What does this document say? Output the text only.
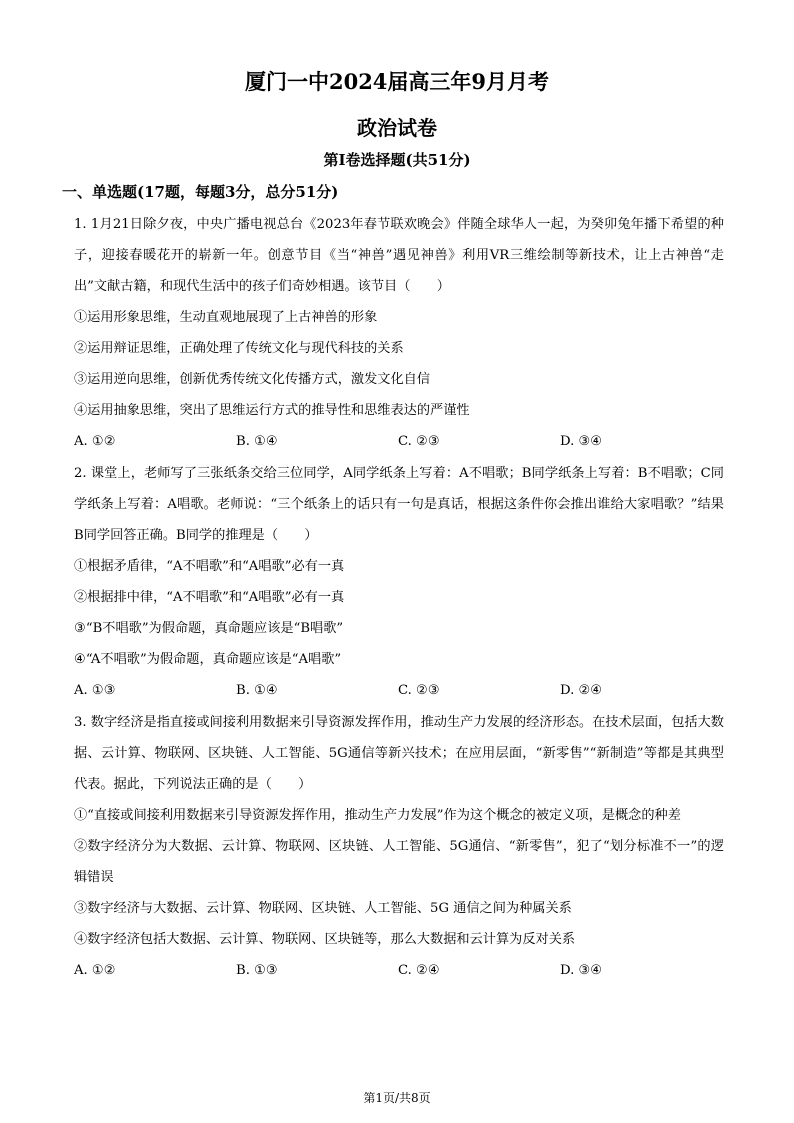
厦门一中2024届高三年9月月考
政治试卷
第I卷选择题(共51分)
一、单选题(17题，每题3分，总分51分)

1. 1月21日除夕夜，中央广播电视总台《2023年春节联欢晚会》伴随全球华人一起，为癸卯兔年播下希望的种子，迎接春暖花开的崭新一年。创意节目《当“神兽”遇见神兽》利用VR三维绘制等新技术，让上古神兽“走出”文献古籍，和现代生活中的孩子们奇妙相遇。该节目（　　）

①运用形象思维，生动直观地展现了上古神兽的形象

②运用辩证思维，正确处理了传统文化与现代科技的关系

③运用逆向思维，创新优秀传统文化传播方式，激发文化自信

④运用抽象思维，突出了思维运行方式的推导性和思维表达的严谨性

A. ①②	B. ①④	C. ②③	D. ③④

2. 课堂上，老师写了三张纸条交给三位同学，A同学纸条上写着：A不唱歌；B同学纸条上写着：B不唱歌；C同学纸条上写着：A唱歌。老师说：“三个纸条上的话只有一句是真话，根据这条件你会推出谁给大家唱歌？”结果B同学回答正确。B同学的推理是（　　）

①根据矛盾律，“A不唱歌”和“A唱歌”必有一真

②根据排中律，“A不唱歌”和“A唱歌”必有一真

③“B不唱歌”为假命题，真命题应该是“B唱歌”

④“A不唱歌”为假命题，真命题应该是“A唱歌”

A. ①③	B. ①④	C. ②③	D. ②④

3. 数字经济是指直接或间接利用数据来引导资源发挥作用，推动生产力发展的经济形态。在技术层面，包括大数据、云计算、物联网、区块链、人工智能、5G通信等新兴技术；在应用层面，“新零售”“新制造”等都是其典型代表。据此，下列说法正确的是（　　）

①“直接或间接利用数据来引导资源发挥作用，推动生产力发展”作为这个概念的被定义项，是概念的种差

②数字经济分为大数据、云计算、物联网、区块链、人工智能、5G通信、“新零售”，犯了“划分标准不一”的逻辑错误

③数字经济与大数据、云计算、物联网、区块链、人工智能、5G 通信之间为种属关系

④数字经济包括大数据、云计算、物联网、区块链等，那么大数据和云计算为反对关系

A. ①②	B. ①③	C. ②④	D. ③④
第1页/共8页
